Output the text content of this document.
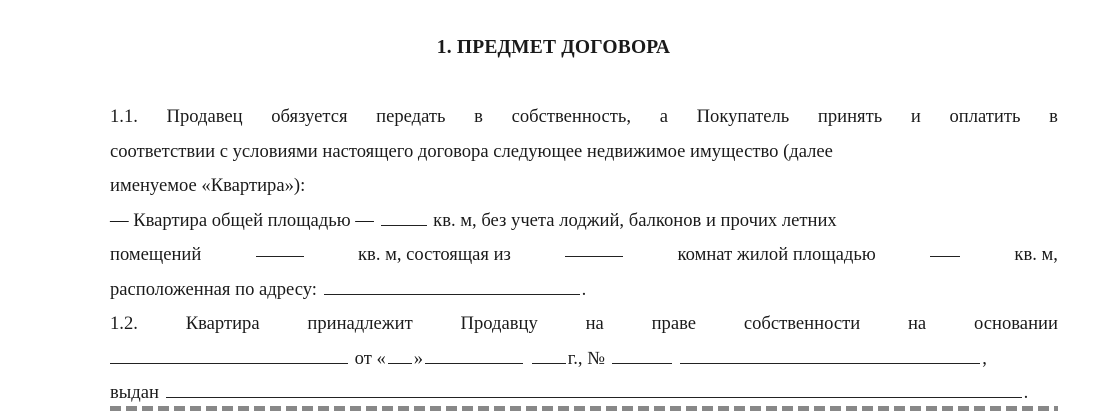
1. ПРЕДМЕТ ДОГОВОРА
1.1. Продавец обязуется передать в собственность, а Покупатель принять и оплатить в
соответствии с условиями настоящего договора следующее недвижимое имущество (далее
именуемое «Квартира»):
— Квартира общей площадью —	кв. м, без учета лоджий, балконов и прочих летних
помещений	кв. м, состоящая из	комнат жилой площадью	кв. м,
расположенная по адресу:	.
1.2.	Квартира	принадлежит	Продавцу	на	праве	собственности	на	основании
от « »	г., №	,
выдан	.
